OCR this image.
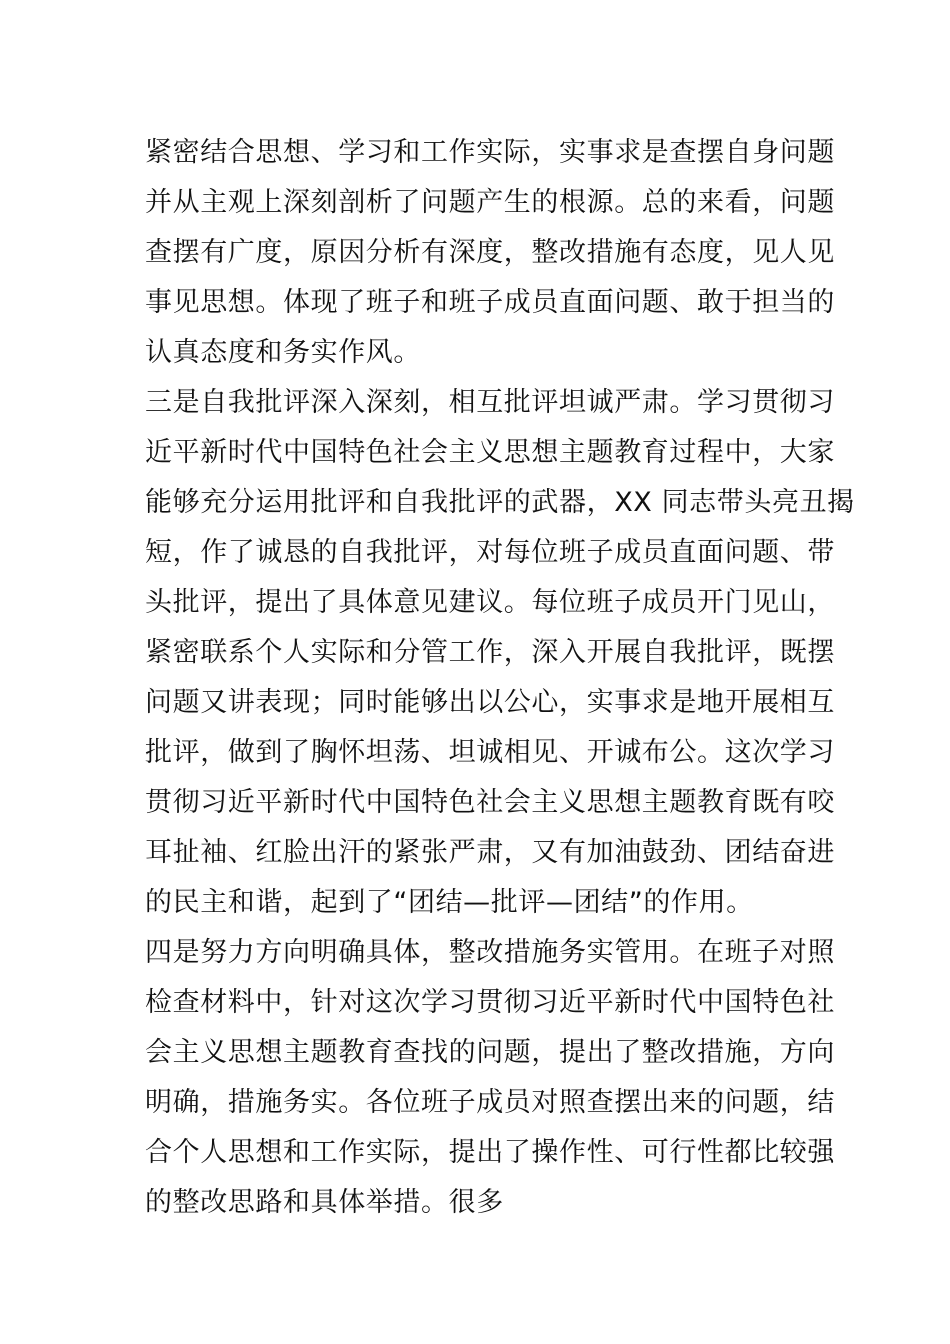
紧密结合思想、学习和工作实际，实事求是查摆自身问题
并从主观上深刻剖析了问题产生的根源。总的来看，问题
查摆有广度，原因分析有深度，整改措施有态度，见人见
事见思想。体现了班子和班子成员直面问题、敢于担当的
认真态度和务实作风。
三是自我批评深入深刻，相互批评坦诚严肃。学习贯彻习
近平新时代中国特色社会主义思想主题教育过程中，大家
能够充分运用批评和自我批评的武器，XX 同志带头亮丑揭
短，作了诚恳的自我批评，对每位班子成员直面问题、带
头批评，提出了具体意见建议。每位班子成员开门见山，
紧密联系个人实际和分管工作，深入开展自我批评，既摆
问题又讲表现；同时能够出以公心，实事求是地开展相互
批评，做到了胸怀坦荡、坦诚相见、开诚布公。这次学习
贯彻习近平新时代中国特色社会主义思想主题教育既有咬
耳扯袖、红脸出汗的紧张严肃，又有加油鼓劲、团结奋进
的民主和谐，起到了“团结—批评—团结”的作用。
四是努力方向明确具体，整改措施务实管用。在班子对照
检查材料中，针对这次学习贯彻习近平新时代中国特色社
会主义思想主题教育查找的问题，提出了整改措施，方向
明确，措施务实。各位班子成员对照查摆出来的问题，结
合个人思想和工作实际，提出了操作性、可行性都比较强
的整改思路和具体举措。很多
